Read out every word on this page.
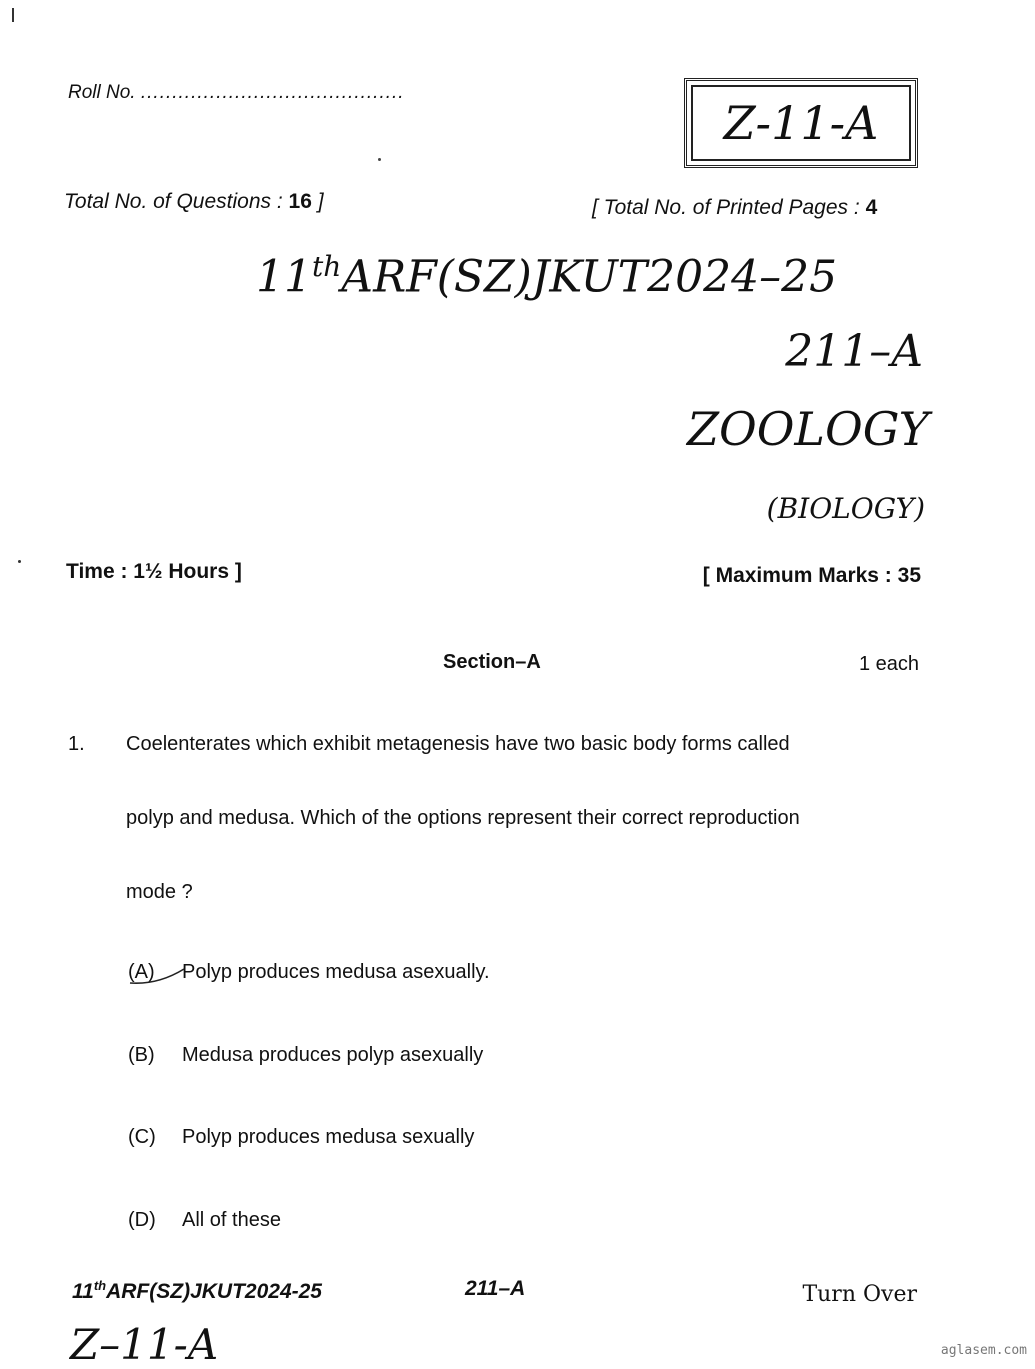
Roll No. ..........................................
Z-11-A
Total No. of Questions : 16 ]	[ Total No. of Printed Pages : 4
11thARF(SZ)JKUT2024–25
211–A
ZOOLOGY
(BIOLOGY)
Time : 1½ Hours ]	[ Maximum Marks : 35
Section–A	1 each
1. Coelenterates which exhibit metagenesis have two basic body forms called
polyp and medusa. Which of the options represent their correct reproduction
mode ?
(A) Polyp produces medusa asexually.
(B) Medusa produces polyp asexually
(C) Polyp produces medusa sexually
(D) All of these
11thARF(SZ)JKUT2024-25	211–A	Turn Over
Z–11-A	aglasem.com
